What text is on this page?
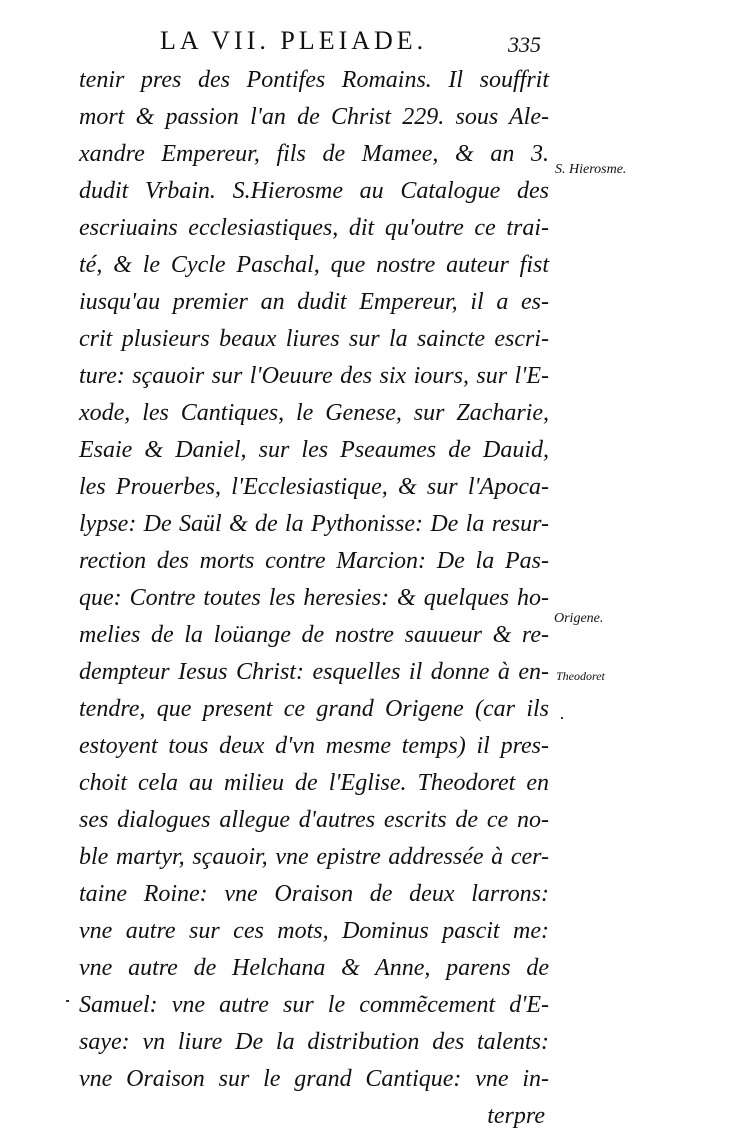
LA VII. PLEIADE.	335
tenir pres des Pontifes Romains. Il souffrit
mort & passion l'an de Christ 229. sous Ale-
xandre Empereur, fils de Mamee, & an 3.
dudit Vrbain. S.Hierosme au Catalogue des
escriuains ecclesiastiques, dit qu'outre ce trai-
té, & le Cycle Paschal, que nostre auteur fist
iusqu'au premier an dudit Empereur, il a es-
crit plusieurs beaux liures sur la saincte escri-
ture: sçauoir sur l'Oeuure des six iours, sur l'E-
xode, les Cantiques, le Genese, sur Zacharie,
Esaie & Daniel, sur les Pseaumes de Dauid,
les Prouerbes, l'Ecclesiastique, & sur l'Apoca-
lypse: De Saül & de la Pythonisse: De la resur-
rection des morts contre Marcion: De la Pas-
que: Contre toutes les heresies: & quelques ho-
melies de la loüange de nostre sauueur & re-
dempteur Iesus Christ: esquelles il donne à en-
tendre, que present ce grand Origene (car ils
estoyent tous deux d'vn mesme temps) il pres-
choit cela au milieu de l'Eglise. Theodoret en
ses dialogues allegue d'autres escrits de ce no-
ble martyr, sçauoir, vne epistre addressée à cer-
taine Roine: vne Oraison de deux larrons:
vne autre sur ces mots, Dominus pascit me:
vne autre de Helchana & Anne, parens de
Samuel: vne autre sur le commẽcement d'E-
saye: vn liure De la distribution des talents:
vne Oraison sur le grand Cantique: vne in-
terpre
S. Hierosme.
Origene.
Theodoret
